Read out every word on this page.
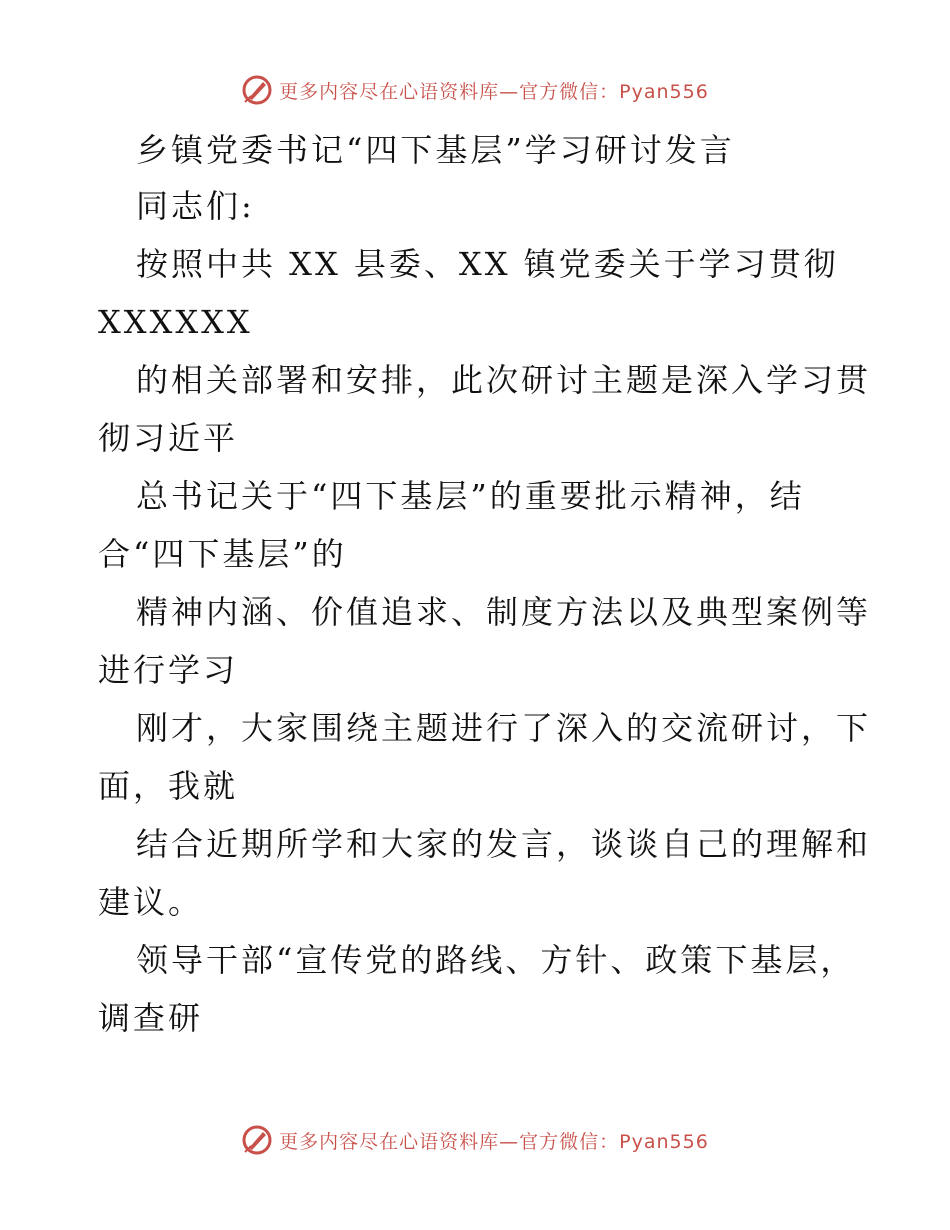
更多内容尽在心语资料库—官方微信：Pyan556
乡镇党委书记“四下基层”学习研讨发言
同志们:
按照中共 XX 县委、XX 镇党委关于学习贯彻
XXXXXX
的相关部署和安排，此次研讨主题是深入学习贯
彻习近平
总书记关于“四下基层”的重要批示精神，结
合“四下基层”的
精神内涵、价值追求、制度方法以及典型案例等
进行学习
刚才，大家围绕主题进行了深入的交流研讨，下
面，我就
结合近期所学和大家的发言，谈谈自己的理解和
建议。
领导干部“宣传党的路线、方针、政策下基层，
调查研
更多内容尽在心语资料库—官方微信：Pyan556
